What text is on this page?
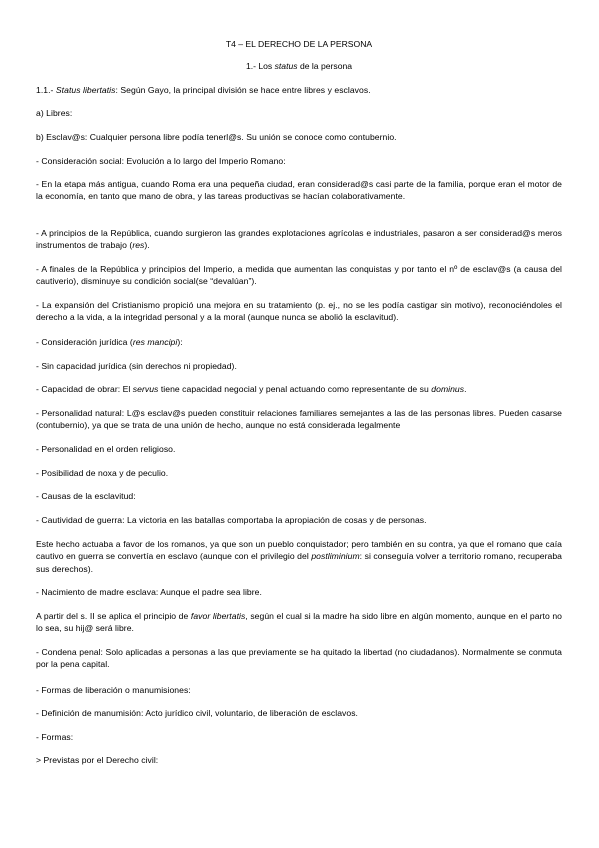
T4 – EL DERECHO DE LA PERSONA
1.- Los status de la persona
1.1.- Status libertatis: Según Gayo, la principal división se hace entre libres y esclavos.
a) Libres:
b) Esclav@s: Cualquier persona libre podía tenerl@s. Su unión se conoce como contubernio.
- Consideración social: Evolución a lo largo del Imperio Romano:
- En la etapa más antigua, cuando Roma era una pequeña ciudad, eran considerad@s casi parte de la familia, porque eran el motor de la economía, en tanto que mano de obra, y las tareas productivas se hacían colaborativamente.
- A principios de la República, cuando surgieron las grandes explotaciones agrícolas e industriales, pasaron a ser considerad@s meros instrumentos de trabajo (res).
- A finales de la República y principios del Imperio, a medida que aumentan las conquistas y por tanto el nº de esclav@s (a causa del cautiverio), disminuye su condición social(se “devalúan”).
- La expansión del Cristianismo propició una mejora en su tratamiento (p. ej., no se les podía castigar sin motivo), reconociéndoles el derecho a la vida, a la integridad personal y a la moral (aunque nunca se abolió la esclavitud).
- Consideración jurídica (res mancipi):
- Sin capacidad jurídica (sin derechos ni propiedad).
- Capacidad de obrar: El servus tiene capacidad negocial y penal actuando como representante de su dominus.
- Personalidad natural: L@s esclav@s pueden constituir relaciones familiares semejantes a las de las personas libres. Pueden casarse (contubernio), ya que se trata de una unión de hecho, aunque no está considerada legalmente
- Personalidad en el orden religioso.
- Posibilidad de noxa y de peculio.
- Causas de la esclavitud:
- Cautividad de guerra: La victoria en las batallas comportaba la apropiación de cosas y de personas.
Este hecho actuaba a favor de los romanos, ya que son un pueblo conquistador; pero también en su contra, ya que el romano que caía cautivo en guerra se convertía en esclavo (aunque con el privilegio del postliminium: si conseguía volver a territorio romano, recuperaba sus derechos).
- Nacimiento de madre esclava: Aunque el padre sea libre.
A partir del s. II se aplica el principio de favor libertatis, según el cual si la madre ha sido libre en algún momento, aunque en el parto no lo sea, su hij@ será libre.
- Condena penal: Solo aplicadas a personas a las que previamente se ha quitado la libertad (no ciudadanos). Normalmente se conmuta por la pena capital.
- Formas de liberación o manumisiones:
- Definición de manumisión: Acto jurídico civil, voluntario, de liberación de esclavos.
- Formas:
> Previstas por el Derecho civil:
